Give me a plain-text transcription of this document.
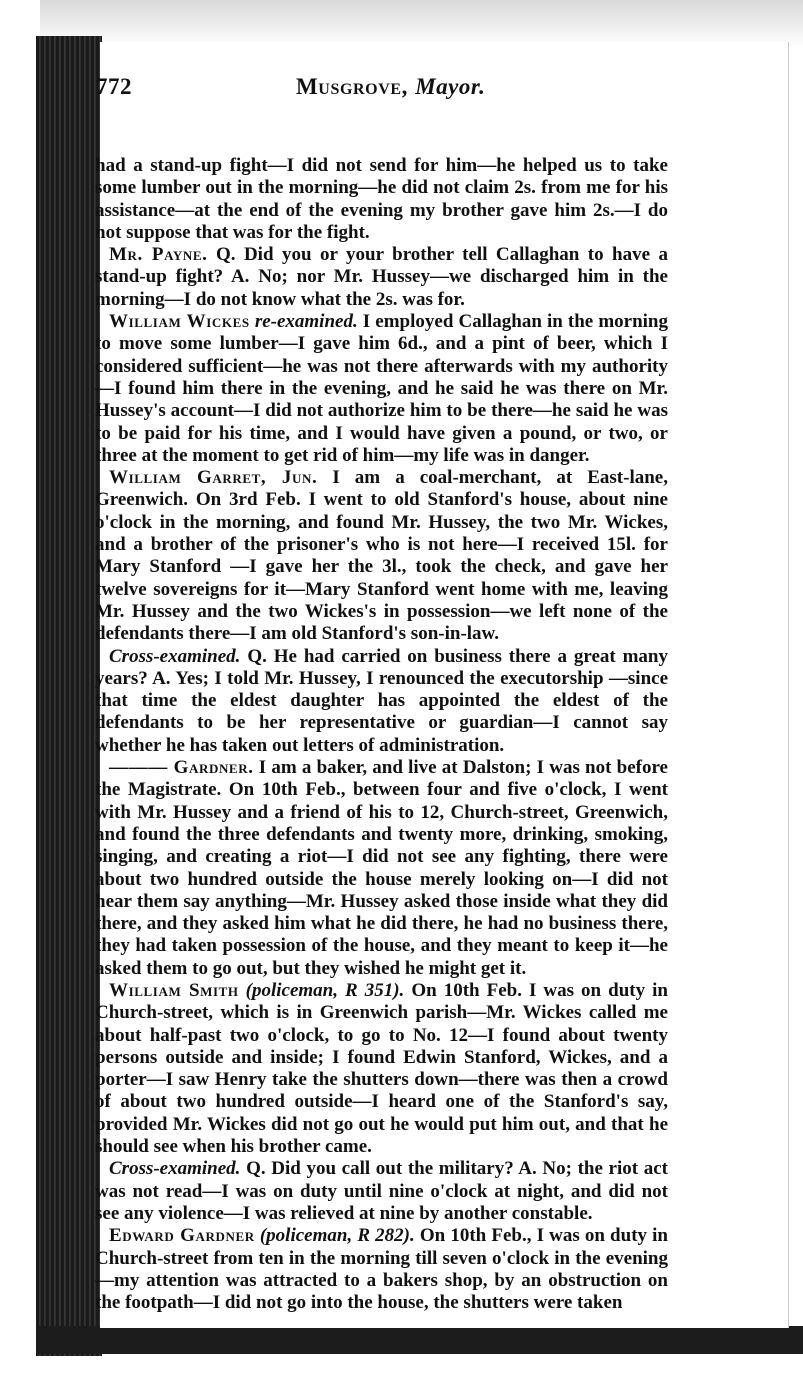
772	Musgrove, Mayor.

had a stand-up fight—I did not send for him—he helped us to take some lumber out in the morning—he did not claim 2s. from me for his assistance—at the end of the evening my brother gave him 2s.—I do not suppose that was for the fight.

Mr. Payne. Q. Did you or your brother tell Callaghan to have a stand-up fight? A. No; nor Mr. Hussey—we discharged him in the morning—I do not know what the 2s. was for.

William Wickes re-examined. I employed Callaghan in the morning to move some lumber—I gave him 6d., and a pint of beer, which I considered sufficient—he was not there afterwards with my authority—I found him there in the evening, and he said he was there on Mr. Hussey's account—I did not authorize him to be there—he said he was to be paid for his time, and I would have given a pound, or two, or three at the moment to get rid of him—my life was in danger.

William Garret, Jun. I am a coal-merchant, at East-lane, Greenwich. On 3rd Feb. I went to old Stanford's house, about nine o'clock in the morning, and found Mr. Hussey, the two Mr. Wickes, and a brother of the prisoner's who is not here—I received 15l. for Mary Stanford —I gave her the 3l., took the check, and gave her twelve sovereigns for it—Mary Stanford went home with me, leaving Mr. Hussey and the two Wickes's in possession—we left none of the defendants there—I am old Stanford's son-in-law.

Cross-examined. Q. He had carried on business there a great many years? A. Yes; I told Mr. Hussey, I renounced the executorship —since that time the eldest daughter has appointed the eldest of the defendants to be her representative or guardian—I cannot say whether he has taken out letters of administration.

——— Gardner. I am a baker, and live at Dalston; I was not before the Magistrate. On 10th Feb., between four and five o'clock, I went with Mr. Hussey and a friend of his to 12, Church-street, Greenwich, and found the three defendants and twenty more, drinking, smoking, singing, and creating a riot—I did not see any fighting, there were about two hundred outside the house merely looking on—I did not hear them say anything—Mr. Hussey asked those inside what they did there, and they asked him what he did there, he had no business there, they had taken possession of the house, and they meant to keep it—he asked them to go out, but they wished he might get it.

William Smith (policeman, R 351). On 10th Feb. I was on duty in Church-street, which is in Greenwich parish—Mr. Wickes called me about half-past two o'clock, to go to No. 12—I found about twenty persons outside and inside; I found Edwin Stanford, Wickes, and a porter—I saw Henry take the shutters down—there was then a crowd of about two hundred outside—I heard one of the Stanford's say, provided Mr. Wickes did not go out he would put him out, and that he should see when his brother came.

Cross-examined. Q. Did you call out the military? A. No; the riot act was not read—I was on duty until nine o'clock at night, and did not see any violence—I was relieved at nine by another constable.

Edward Gardner (policeman, R 282). On 10th Feb., I was on duty in Church-street from ten in the morning till seven o'clock in the evening—my attention was attracted to a bakers shop, by an obstruction on the footpath—I did not go into the house, the shutters were taken
